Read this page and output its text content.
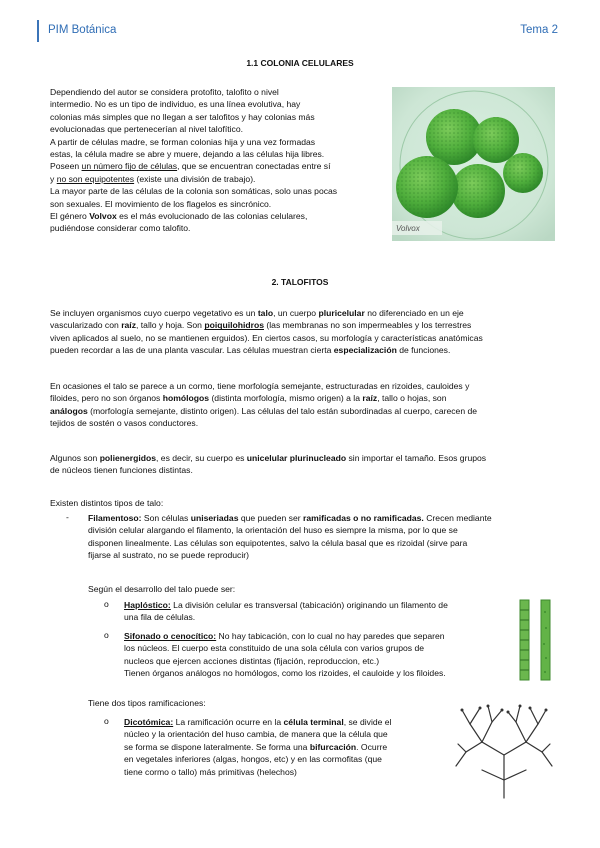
PIM Botánica	Tema 2
1.1 COLONIA CELULARES

Dependiendo del autor se considera protofito, talofito o nivel

intermedio. No es un tipo de individuo, es una línea evolutiva, hay

colonias más simples que no llegan a ser talofitos y hay colonias más

evolucionadas que pertenecerían al nivel talofítico.

A partir de células madre, se forman colonias hija y una vez formadas

estas, la célula madre se abre y muere, dejando a las células hija libres.

Poseen un número fijo de células, que se encuentran conectadas entre sí

y no son equipotentes (existe una división de trabajo).

La mayor parte de las células de la colonia son somáticas, solo unas pocas

son sexuales. El movimiento de los flagelos es sincrónico.

El género Volvox es el más evolucionado de las colonias celulares,

pudiéndose considerar como talofito.	Volvox
2. TALOFITOS

Se incluyen organismos cuyo cuerpo vegetativo es un talo, un cuerpo pluricelular no diferenciado en un eje

vascularizado con raíz, tallo y hoja. Son poiquilohidros (las membranas no son impermeables y los terrestres

viven aplicados al suelo, no se mantienen erguidos). En ciertos casos, su morfología y características anatómicas

pueden recordar a las de una planta vascular. Las células muestran cierta especialización de funciones.

En ocasiones el talo se parece a un cormo, tiene morfología semejante, estructuradas en rizoides, cauloides y

filoides, pero no son órganos homólogos (distinta morfología, mismo origen) a la raíz, tallo o hojas, son

análogos (morfología semejante, distinto origen). Las células del talo están subordinadas al cuerpo, carecen de

tejidos de sostén o vasos conductores.

Algunos son polienergidos, es decir, su cuerpo es unicelular plurinucleado sin importar el tamaño. Esos grupos

de núcleos tienen funciones distintas.

Existen distintos tipos de talo:
- Filamentoso: Son células uniseriadas que pueden ser ramificadas o no ramificadas. Crecen mediante

división celular alargando el filamento, la orientación del huso es siempre la misma, por lo que se

disponen linealmente. Las células son equipotentes, salvo la célula basal que es rizoidal (sirve para

fijarse al sustrato, no se puede reproducir)

Según el desarrollo del talo puede ser:
o Haplóstico: La división celular es transversal (tabicación) originando un filamento de

una fila de células.

o Sifonado o cenocítico: No hay tabicación, con lo cual no hay paredes que separen

los núcleos. El cuerpo esta constituido de una sola célula con varios grupos de

nucleos que ejercen acciones distintas (fijación, reproduccion, etc.)

Tienen órganos análogos no homólogos, como los rizoides, el cauloide y los filoides.

Tiene dos tipos ramificaciones:
o Dicotómica: La ramificación ocurre en la célula terminal, se divide el

núcleo y la orientación del huso cambia, de manera que la célula que

se forma se dispone lateralmente. Se forma una bifurcación. Ocurre

en vegetales inferiores (algas, hongos, etc) y en las cormofitas (que

tiene cormo o tallo) más primitivas (helechos)
